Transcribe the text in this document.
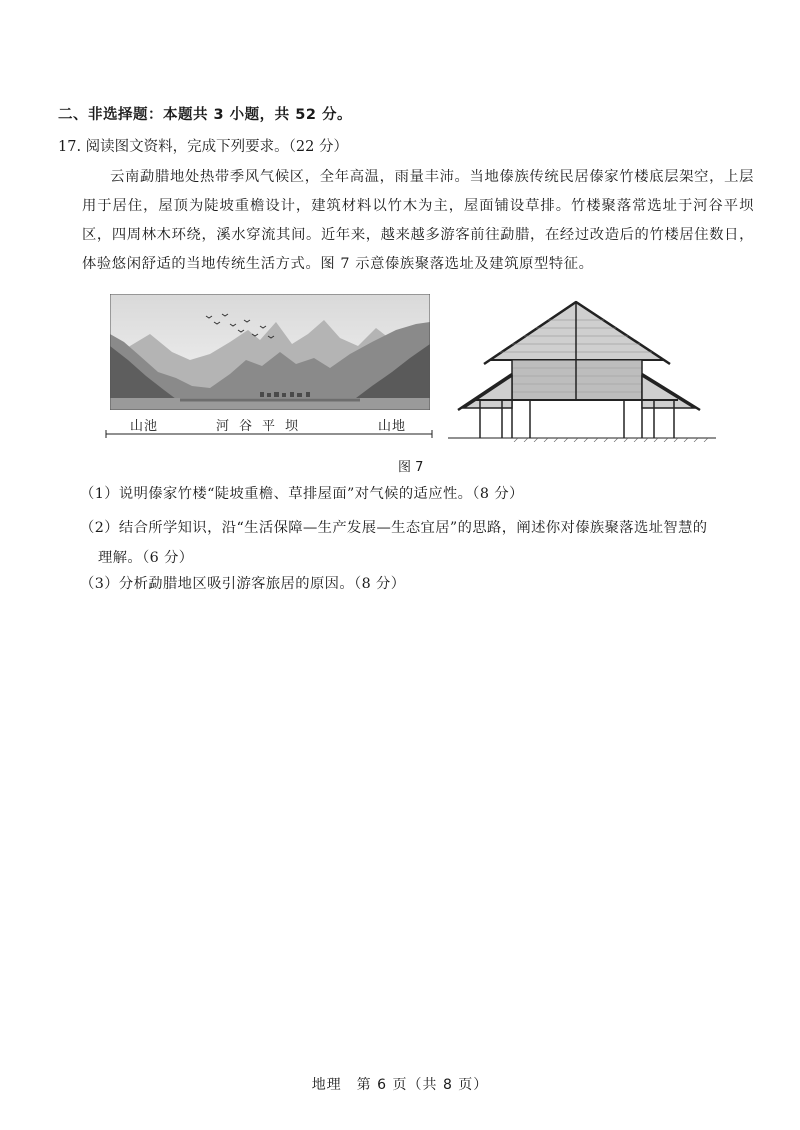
二、非选择题：本题共 3 小题，共 52 分。
17. 阅读图文资料，完成下列要求。（22 分）
云南勐腊地处热带季风气候区，全年高温，雨量丰沛。当地傣族传统民居傣家竹楼底层架空，上层用于居住，屋顶为陡坡重檐设计，建筑材料以竹木为主，屋面铺设草排。竹楼聚落常选址于河谷平坝区，四周林木环绕，溪水穿流其间。近年来，越来越多游客前往勐腊，在经过改造后的竹楼居住数日，体验悠闲舒适的当地传统生活方式。图 7 示意傣族聚落选址及建筑原型特征。
山池	河谷平坝	山地
图 7
（1）说明傣家竹楼“陡坡重檐、草排屋面”对气候的适应性。（8 分）
（2）结合所学知识，沿“生活保障—生产发展—生态宜居”的思路，阐述你对傣族聚落选址智慧的
理解。（6 分）
（3）分析勐腊地区吸引游客旅居的原因。（8 分）
地理　第 6 页（共 8 页）
